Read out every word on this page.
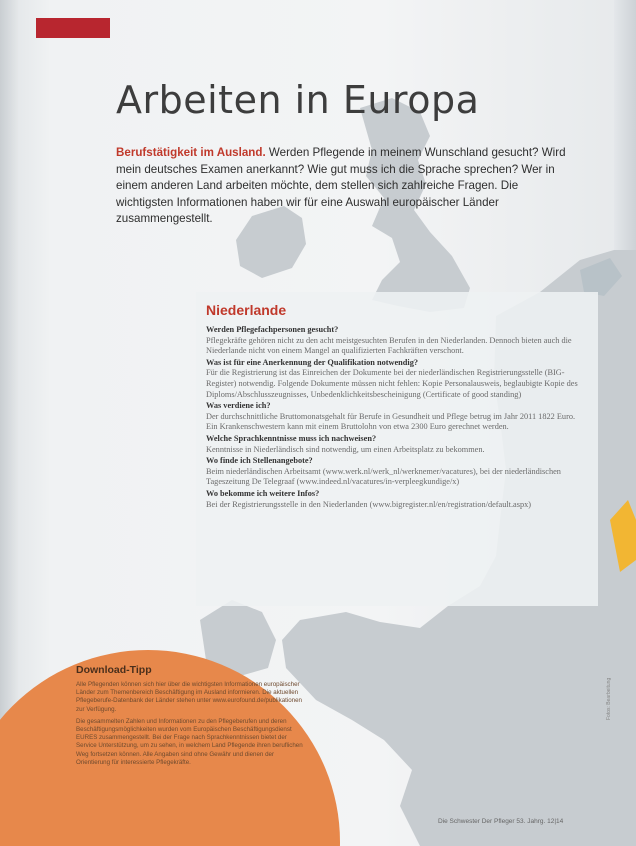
Arbeiten in Europa

Berufstätigkeit im Ausland. Werden Pflegende in meinem Wunschland gesucht? Wird mein deutsches Examen anerkannt? Wie gut muss ich die Sprache sprechen? Wer in einem anderen Land arbeiten möchte, dem stellen sich zahlreiche Fragen. Die wichtigsten Informationen haben wir für eine Auswahl europäischer Länder zusammengestellt.

Niederlande

Werden Pflegefachpersonen gesucht?

Pflegekräfte gehören nicht zu den acht meistgesuchten Berufen in den Niederlanden. Dennoch bieten auch die Niederlande nicht von einem Mangel an qualifizierten Fachkräften verschont.

Was ist für eine Anerkennung der Qualifikation notwendig?

Für die Registrierung ist das Einreichen der Dokumente bei der niederländischen Registrierungsstelle (BIG-Register) notwendig. Folgende Dokumente müssen nicht fehlen: Kopie Personalausweis, beglaubigte Kopie des Diploms/Abschlusszeugnisses, Unbedenklichkeitsbescheinigung (Certificate of good standing)

Was verdiene ich?

Der durchschnittliche Bruttomonatsgehalt für Berufe in Gesundheit und Pflege betrug im Jahr 2011 1822 Euro. Ein Krankenschwestern kann mit einem Bruttolohn von etwa 2300 Euro gerechnet werden.

Welche Sprachkenntnisse muss ich nachweisen?

Kenntnisse in Niederländisch sind notwendig, um einen Arbeitsplatz zu bekommen.

Wo finde ich Stellenangebote?

Beim niederländischen Arbeitsamt (www.werk.nl/werk_nl/werknemer/vacatures), bei der niederländischen Tageszeitung De Telegraaf (www.indeed.nl/vacatures/in-verpleegkundige/x)

Wo bekomme ich weitere Infos?

Bei der Registrierungsstelle in den Niederlanden (www.bigregister.nl/en/registration/default.aspx)

Download-Tipp

Alle Pflegenden können sich hier über die wichtigsten Informationen europäischer Länder zum Themenbereich Beschäftigung im Ausland informieren. Die aktuellen Pflegeberufe-Datenbank der Länder stehen unter www.eurofound.de/publikationen zur Verfügung.

Die gesammelten Zahlen und Informationen zu den Pflegeberufen und deren Beschäftigungsmöglichkeiten wurden vom Europäischen Beschäftigungsdienst EURES zusammengestellt. Bei der Frage nach Sprachkenntnissen bietet der Service Unterstützung, um zu sehen, in welchem Land Pflegende ihren beruflichen Weg fortsetzen können. Alle Angaben sind ohne Gewähr und dienen der Orientierung für interessierte Pflegekräfte.

Die Schwester Der Pfleger 53. Jahrg. 12|14
Fotos: Bearbeitung
